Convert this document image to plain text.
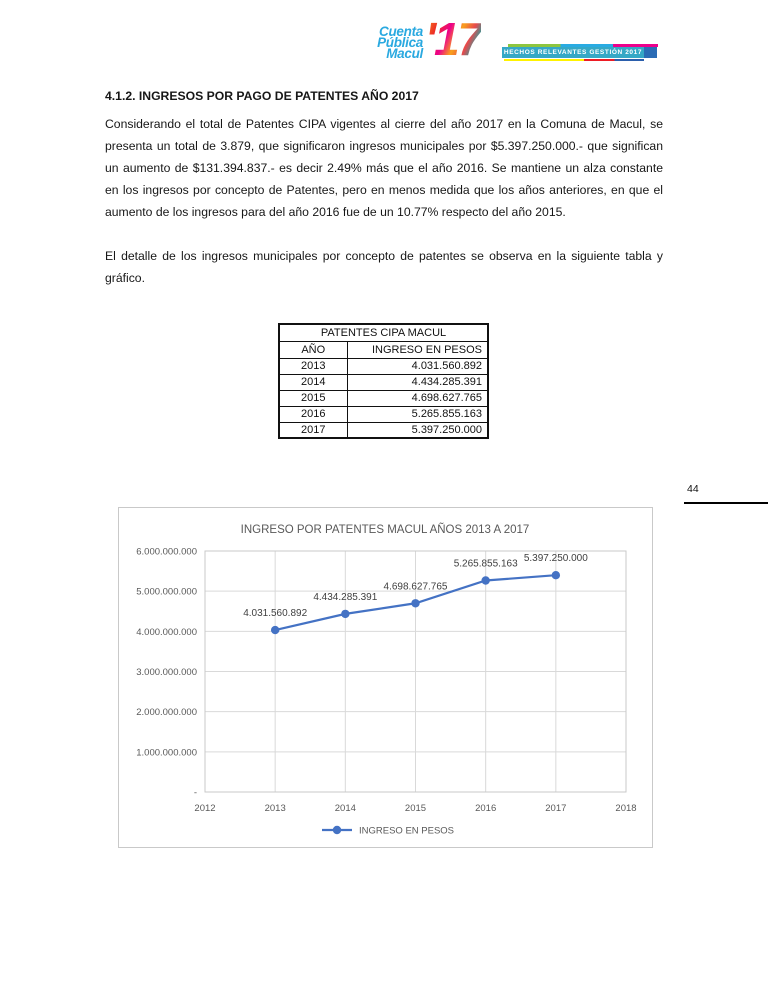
Cuenta
Pública
Macul '17	HECHOS RELEVANTES GESTIÓN 2017
4.1.2. INGRESOS POR PAGO DE PATENTES AÑO 2017
Considerando el total de Patentes CIPA vigentes al cierre del año 2017 en la Comuna de Macul, se presenta un total de 3.879, que significaron ingresos municipales por $5.397.250.000.- que significan un aumento de $131.394.837.- es decir 2.49% más que el año 2016. Se mantiene un alza constante en los ingresos por concepto de Patentes, pero en menos medida que los años anteriores, en que el aumento de los ingresos para del año 2016 fue de un 10.77% respecto del año 2015.
El detalle de los ingresos municipales por concepto de patentes se observa en la siguiente tabla y gráfico.
PATENTES CIPA MACUL	
AÑO	INGRESO EN PESOS
2013	4.031.560.892
2014	4.434.285.391
2015	4.698.627.765
2016	5.265.855.163
2017	5.397.250.000
44
-
1.000.000.000
2.000.000.000
3.000.000.000
4.000.000.000
5.000.000.000
6.000.000.000
2012	2013	2014	2015	2016	2017	2018
INGRESO POR PATENTES MACUL AÑOS 2013 A 2017
4.031.560.892
4.434.285.391
4.698.627.765
5.265.855.163 5.397.250.000
INGRESO EN PESOS
